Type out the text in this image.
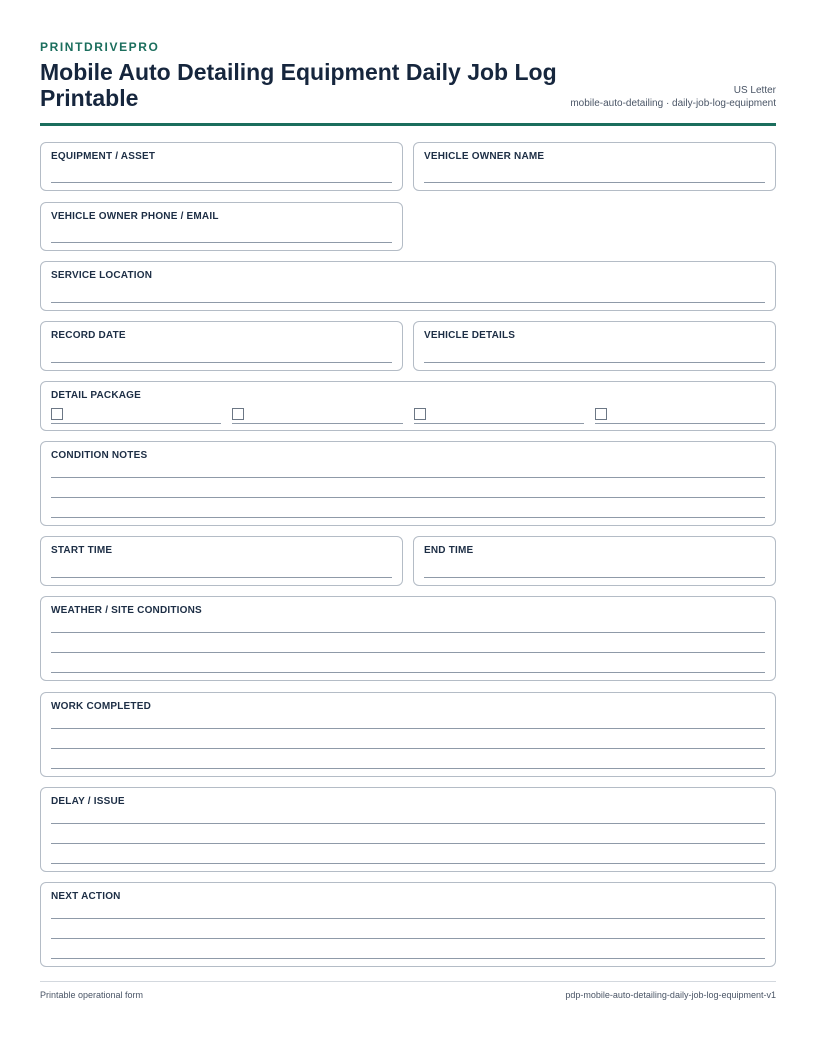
PRINTDRIVEPRO
Mobile Auto Detailing Equipment Daily Job Log Printable	US Letter
mobile-auto-detailing · daily-job-log-equipment
EQUIPMENT / ASSET	VEHICLE OWNER NAME
VEHICLE OWNER PHONE / EMAIL
SERVICE LOCATION
RECORD DATE	VEHICLE DETAILS
DETAIL PACKAGE
CONDITION NOTES
START TIME	END TIME
WEATHER / SITE CONDITIONS
WORK COMPLETED
DELAY / ISSUE
NEXT ACTION
Printable operational form	pdp-mobile-auto-detailing-daily-job-log-equipment-v1
